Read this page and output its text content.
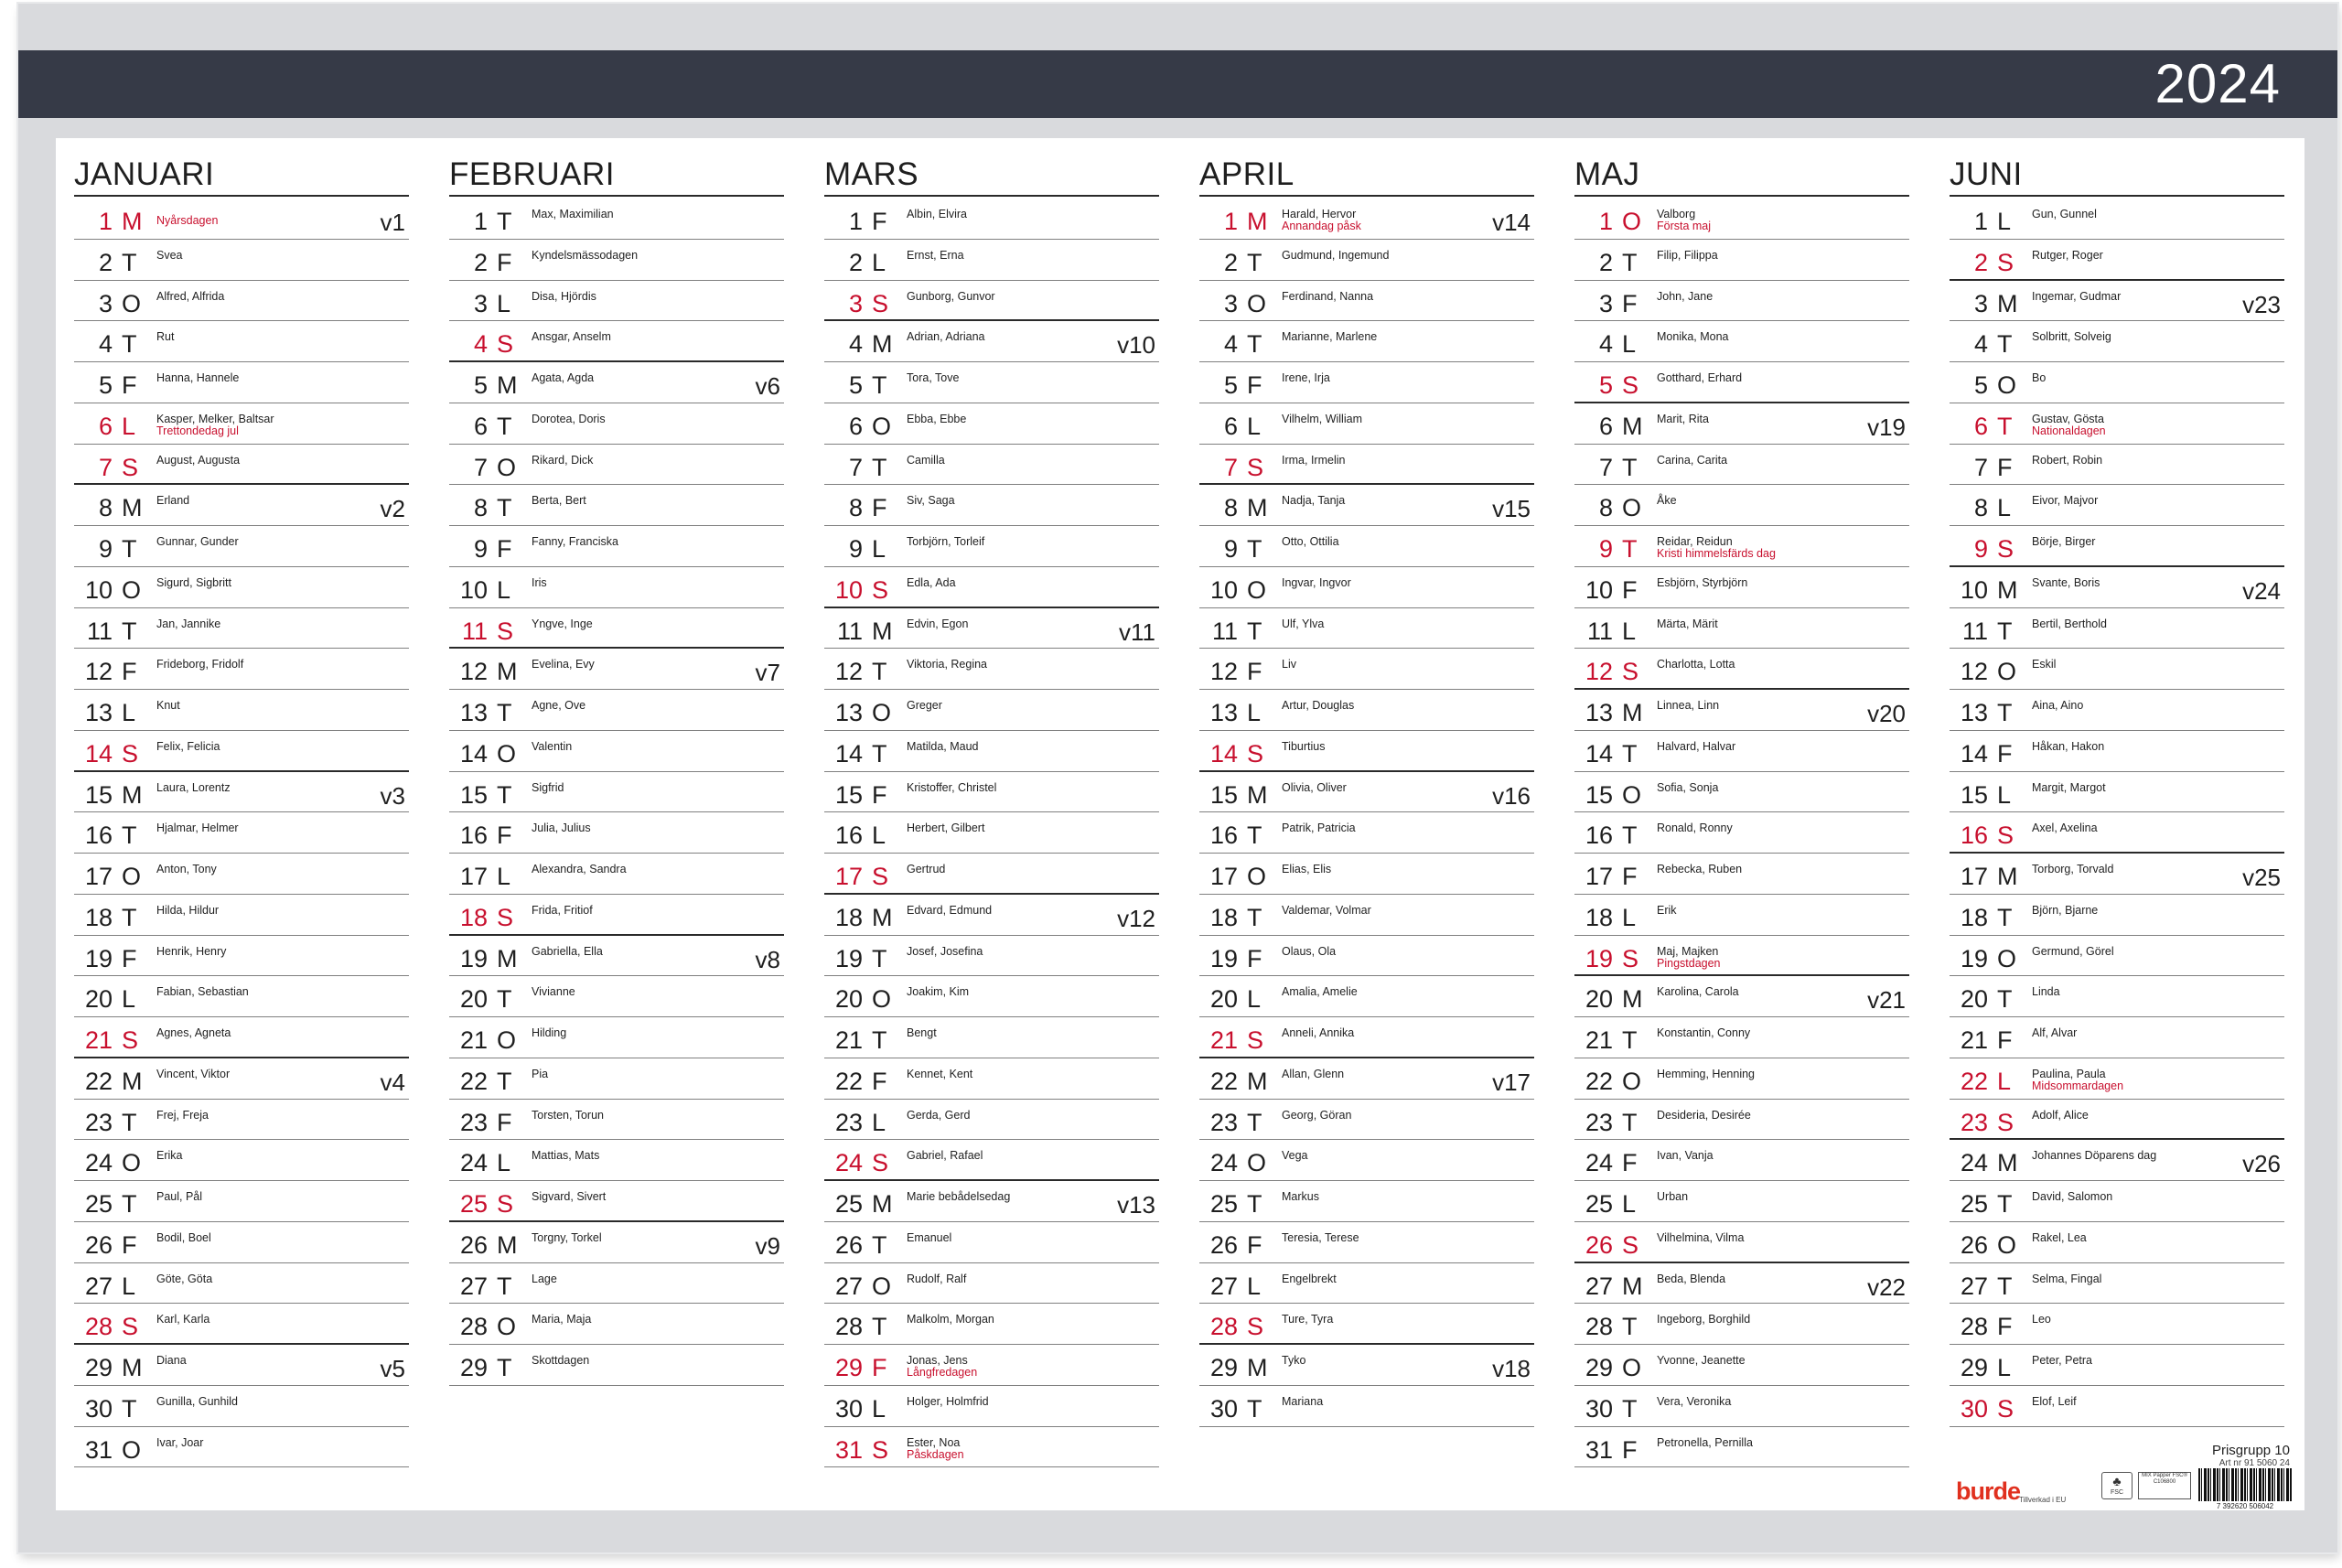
2024
Prisgrupp 10
Art nr 91 5060 24
burde
Tillverkad i EU
♣
FSC
MIX Papper FSC® C106800
7 392620 506042
JANUARI
1 M Nyårsdagen	v1
2 T Svea
3 O Alfred, Alfrida
4 T Rut
5 F Hanna, Hannele
6 L Kasper, Melker, Baltsar
Trettondedag jul
7 S August, Augusta
8 M Erland	v2
9 T Gunnar, Gunder
10 O Sigurd, Sigbritt
11 T Jan, Jannike
12 F Frideborg, Fridolf
13 L Knut
14 S Felix, Felicia
15 M Laura, Lorentz	v3
16 T Hjalmar, Helmer
17 O Anton, Tony
18 T Hilda, Hildur
19 F Henrik, Henry
20 L Fabian, Sebastian
21 S Agnes, Agneta
22 M Vincent, Viktor	v4
23 T Frej, Freja
24 O Erika
25 T Paul, Pål
26 F Bodil, Boel
27 L Göte, Göta
28 S Karl, Karla
29 M Diana	v5
30 T Gunilla, Gunhild
31 O Ivar, Joar
FEBRUARI
1 T Max, Maximilian
2 F Kyndelsmässodagen
3 L Disa, Hjördis
4 S Ansgar, Anselm
5 M Agata, Agda	v6
6 T Dorotea, Doris
7 O Rikard, Dick
8 T Berta, Bert
9 F Fanny, Franciska
10 L Iris
11 S Yngve, Inge
12 M Evelina, Evy	v7
13 T Agne, Ove
14 O Valentin
15 T Sigfrid
16 F Julia, Julius
17 L Alexandra, Sandra
18 S Frida, Fritiof
19 M Gabriella, Ella	v8
20 T Vivianne
21 O Hilding
22 T Pia
23 F Torsten, Torun
24 L Mattias, Mats
25 S Sigvard, Sivert
26 M Torgny, Torkel	v9
27 T Lage
28 O Maria, Maja
29 T Skottdagen
MARS
1 F Albin, Elvira
2 L Ernst, Erna
3 S Gunborg, Gunvor
4 M Adrian, Adriana	v10
5 T Tora, Tove
6 O Ebba, Ebbe
7 T Camilla
8 F Siv, Saga
9 L Torbjörn, Torleif
10 S Edla, Ada
11 M Edvin, Egon	v11
12 T Viktoria, Regina
13 O Greger
14 T Matilda, Maud
15 F Kristoffer, Christel
16 L Herbert, Gilbert
17 S Gertrud
18 M Edvard, Edmund	v12
19 T Josef, Josefina
20 O Joakim, Kim
21 T Bengt
22 F Kennet, Kent
23 L Gerda, Gerd
24 S Gabriel, Rafael
25 M Marie bebådelsedag	v13
26 T Emanuel
27 O Rudolf, Ralf
28 T Malkolm, Morgan
29 F Jonas, Jens
Långfredagen
30 L Holger, Holmfrid
31 S Ester, Noa
Påskdagen
APRIL
1 M Harald, Hervor
Annandag påsk	v14
2 T Gudmund, Ingemund
3 O Ferdinand, Nanna
4 T Marianne, Marlene
5 F Irene, Irja
6 L Vilhelm, William
7 S Irma, Irmelin
8 M Nadja, Tanja	v15
9 T Otto, Ottilia
10 O Ingvar, Ingvor
11 T Ulf, Ylva
12 F Liv
13 L Artur, Douglas
14 S Tiburtius
15 M Olivia, Oliver	v16
16 T Patrik, Patricia
17 O Elias, Elis
18 T Valdemar, Volmar
19 F Olaus, Ola
20 L Amalia, Amelie
21 S Anneli, Annika
22 M Allan, Glenn	v17
23 T Georg, Göran
24 O Vega
25 T Markus
26 F Teresia, Terese
27 L Engelbrekt
28 S Ture, Tyra
29 M Tyko	v18
30 T Mariana
MAJ
1 O Valborg
Första maj
2 T Filip, Filippa
3 F John, Jane
4 L Monika, Mona
5 S Gotthard, Erhard
6 M Marit, Rita	v19
7 T Carina, Carita
8 O Åke
9 T Reidar, Reidun
Kristi himmelsfärds dag
10 F Esbjörn, Styrbjörn
11 L Märta, Märit
12 S Charlotta, Lotta
13 M Linnea, Linn	v20
14 T Halvard, Halvar
15 O Sofia, Sonja
16 T Ronald, Ronny
17 F Rebecka, Ruben
18 L Erik
19 S Maj, Majken
Pingstdagen
20 M Karolina, Carola	v21
21 T Konstantin, Conny
22 O Hemming, Henning
23 T Desideria, Desirée
24 F Ivan, Vanja
25 L Urban
26 S Vilhelmina, Vilma
27 M Beda, Blenda	v22
28 T Ingeborg, Borghild
29 O Yvonne, Jeanette
30 T Vera, Veronika
31 F Petronella, Pernilla
JUNI
1 L Gun, Gunnel
2 S Rutger, Roger
3 M Ingemar, Gudmar	v23
4 T Solbritt, Solveig
5 O Bo
6 T Gustav, Gösta
Nationaldagen
7 F Robert, Robin
8 L Eivor, Majvor
9 S Börje, Birger
10 M Svante, Boris	v24
11 T Bertil, Berthold
12 O Eskil
13 T Aina, Aino
14 F Håkan, Hakon
15 L Margit, Margot
16 S Axel, Axelina
17 M Torborg, Torvald	v25
18 T Björn, Bjarne
19 O Germund, Görel
20 T Linda
21 F Alf, Alvar
22 L Paulina, Paula
Midsommardagen
23 S Adolf, Alice
24 M Johannes Döparens dag	v26
25 T David, Salomon
26 O Rakel, Lea
27 T Selma, Fingal
28 F Leo
29 L Peter, Petra
30 S Elof, Leif
